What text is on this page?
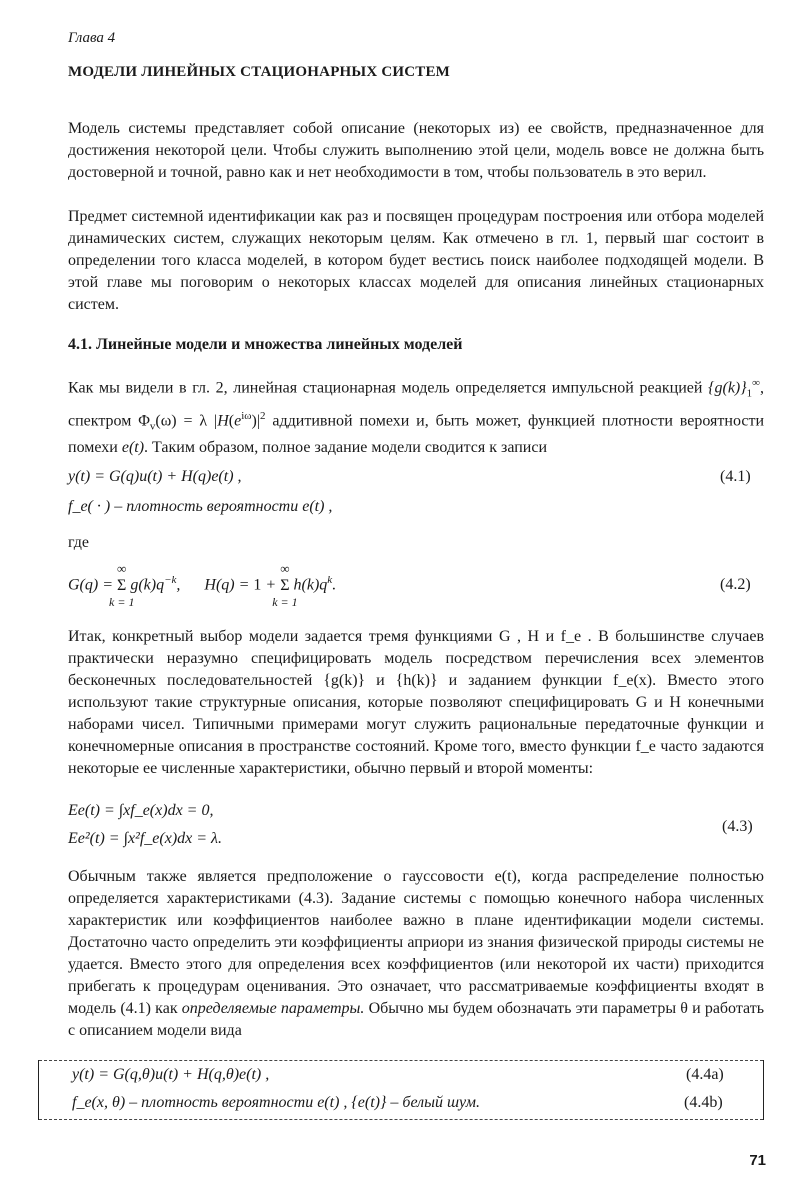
Глава 4
МОДЕЛИ ЛИНЕЙНЫХ СТАЦИОНАРНЫХ СИСТЕМ

Модель системы представляет собой описание (некоторых из) ее свойств, предназначенное для достижения некоторой цели. Чтобы служить выполнению этой цели, модель вовсе не должна быть достоверной и точной, равно как и нет необходимости в том, чтобы пользователь в это верил.

Предмет системной идентификации как раз и посвящен процедурам построения или отбора моделей динамических систем, служащих некоторым целям. Как отмечено в гл. 1, первый шаг состоит в определении того класса моделей, в котором будет вестись поиск наиболее подходящей модели. В этой главе мы поговорим о некоторых классах моделей для описания линейных стационарных систем.

4.1. Линейные модели и множества линейных моделей

Как мы видели в гл. 2, линейная стационарная модель определяется импульсной реакцией $\{g(k)\}_1^\infty$, спектром $\Phi_v(\omega) = \lambda$ $|H(e^{i\omega})|^2$ аддитивной помехи и, быть может, функцией плотности вероятности помехи e(t). Таким образом, полное задание модели сводится к записи

y(t) = G(q)u(t) + H(q)e(t) ,	(4.1)
f_e( · ) – плотность вероятности e(t) ,
где
G(q) =
∞
Σ
k = 1
$g(k)q^{-k}$,      H(q) = 1 +
∞
Σ
k = 1
$h(k)q^k$.	(4.2)

Итак, конкретный выбор модели задается тремя функциями G , H и f_e . В большинстве случаев практически неразумно специфицировать модель посредством перечисления всех элементов бесконечных последовательностей {g(k)} и {h(k)} и заданием функции f_e(x). Вместо этого используют такие структурные описания, которые позволяют специфицировать G и H конечными наборами чисел. Типичными примерами могут служить рациональные передаточные функции и конечномерные описания в пространстве состояний. Кроме того, вместо функции f_e часто задаются некоторые ее численные характеристики, обычно первый и второй моменты:

Ee(t) = ∫xf_e(x)dx = 0,
Ee²(t) = ∫x²f_e(x)dx = λ.
(4.3)

Обычным также является предположение о гауссовости e(t), когда распределение полностью определяется характеристиками (4.3). Задание системы с помощью конечного набора численных характеристик или коэффициентов наиболее важно в плане идентификации модели системы. Достаточно часто определить эти коэффициенты априори из знания физической природы системы не удается. Вместо этого для определения всех коэффициентов (или некоторой их части) приходится прибегать к процедурам оценивания. Это означает, что рассматриваемые коэффициенты входят в модель (4.1) как определяемые параметры. Обычно мы будем обозначать эти параметры θ и работать с описанием модели вида

y(t) = G(q,θ)u(t) + H(q,θ)e(t) ,	(4.4a)
f_e(x, θ) – плотность вероятности e(t) , {e(t)} – белый шум.	(4.4b)
71
